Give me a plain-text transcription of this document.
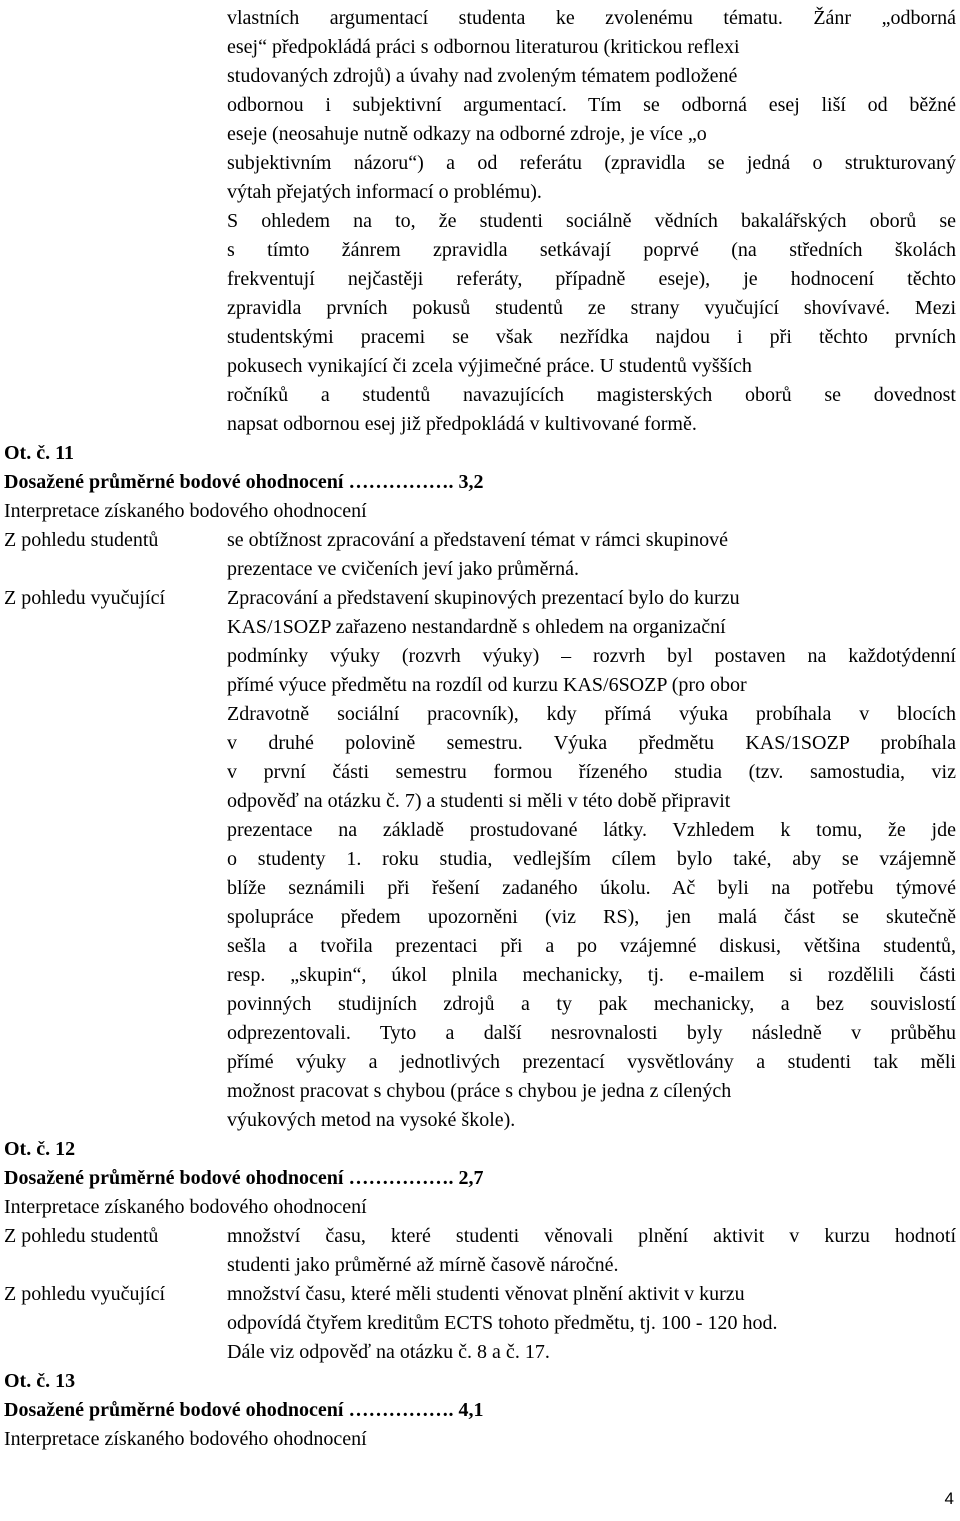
vlastních argumentací studenta ke zvolenému tématu. Žánr „odborná
esej“ předpokládá práci s odbornou literaturou (kritickou reflexi
studovaných zdrojů) a úvahy nad zvoleným tématem podložené
odbornou i subjektivní argumentací. Tím se odborná esej liší od běžné
eseje (neosahuje nutně odkazy na odborné zdroje, je více „o
subjektivním názoru“) a od referátu (zpravidla se jedná o strukturovaný
výtah přejatých informací o problému).
S ohledem na to, že studenti sociálně vědních bakalářských oborů se
s tímto žánrem zpravidla setkávají poprvé (na středních školách
frekventují nejčastěji referáty, případně eseje), je hodnocení těchto
zpravidla prvních pokusů studentů ze strany vyučující shovívavé. Mezi
studentskými pracemi se však nezřídka najdou i při těchto prvních
pokusech vynikající či zcela výjimečné práce. U studentů vyšších
ročníků a studentů navazujících magisterských oborů se dovednost
napsat odbornou esej již předpokládá v kultivované formě.
Ot. č. 11
Dosažené průměrné bodové ohodnocení ……………. 3,2
Interpretace získaného bodového ohodnocení
Z pohledu studentů	se obtížnost zpracování a představení témat v rámci skupinové
prezentace ve cvičeních jeví jako průměrná.
Z pohledu vyučující	Zpracování a představení skupinových prezentací bylo do kurzu
KAS/1SOZP zařazeno nestandardně s ohledem na organizační
podmínky výuky (rozvrh výuky) – rozvrh byl postaven na každotýdenní
přímé výuce předmětu na rozdíl od kurzu KAS/6SOZP (pro obor
Zdravotně sociální pracovník), kdy přímá výuka probíhala v blocích
v druhé polovině semestru. Výuka předmětu KAS/1SOZP probíhala
v první části semestru formou řízeného studia (tzv. samostudia, viz
odpověď na otázku č. 7) a studenti si měli v této době připravit
prezentace na základě prostudované látky. Vzhledem k tomu, že jde
o studenty 1. roku studia, vedlejším cílem bylo také, aby se vzájemně
blíže seznámili při řešení zadaného úkolu. Ač byli na potřebu týmové
spolupráce předem upozorněni (viz RS), jen malá část se skutečně
sešla a tvořila prezentaci při a po vzájemné diskusi, většina studentů,
resp. „skupin“, úkol plnila mechanicky, tj. e-mailem si rozdělili části
povinných studijních zdrojů a ty pak mechanicky, a bez souvislostí
odprezentovali. Tyto a další nesrovnalosti byly následně v průběhu
přímé výuky a jednotlivých prezentací vysvětlovány a studenti tak měli
možnost pracovat s chybou (práce s chybou je jedna z cílených
výukových metod na vysoké škole).
Ot. č. 12
Dosažené průměrné bodové ohodnocení ……………. 2,7
Interpretace získaného bodového ohodnocení
Z pohledu studentů	množství času, které studenti věnovali plnění aktivit v kurzu hodnotí
studenti jako průměrné až mírně časově náročné.
Z pohledu vyučující	množství času, které měli studenti věnovat plnění aktivit v kurzu
odpovídá čtyřem kreditům ECTS tohoto předmětu, tj. 100 - 120 hod.
Dále viz odpověď na otázku č. 8 a č. 17.
Ot. č. 13
Dosažené průměrné bodové ohodnocení ……………. 4,1
Interpretace získaného bodového ohodnocení
4
